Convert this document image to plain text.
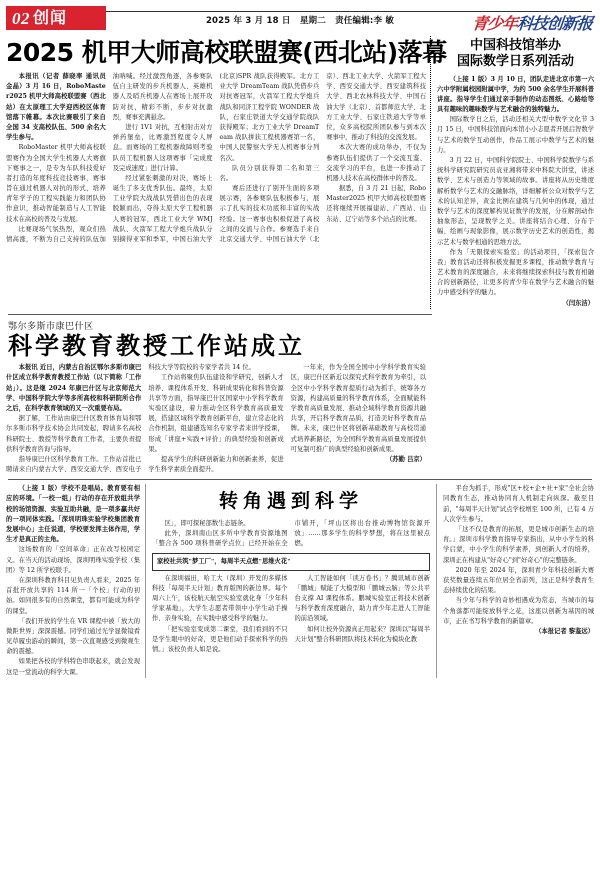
02 创闻	2025 年 3 月 18 日 星期二 责任编辑:李 敏	青少年科技创新报
2025 机甲大师高校联盟赛(西北站)落幕

本报讯（记者 薛晓率 通讯员 金晶）3 月 16 日，RoboMaster2025 机甲大师高校联盟赛（西北站）在太原理工大学迎西校区体育馆落下帷幕。本次比赛吸引了来自全国 34 支高校队伍、500 余名大学生参与。

RoboMaster 机甲大师高校联盟赛作为全国大学生机器人大赛旗下赛事之一，是专为车队科技爱好者打造的年度科技竞技赛事，赛事旨在通过机器人对抗的形式，培养青年学子的工程实践能力和团队协作意识，推动智能制造与人工智能技术在高校的普及与发展。

比赛现场气氛热烈，观众们热情高涨，不断为自己支持的队伍加油呐喊。经过激烈角逐，各参赛队伍自主研发的步兵机器人、英雄机器人及哨兵机器人在赛场上展开攻防对抗，精彩不断，步步对抗激烈，赛事充满悬念。

进行 1V1 对抗，互相射击对方弹药堡垒，比赛激烈程度令人屏息。而赛场的工程机器故障则考验队员工程机器人这项赛事「完成度及完成速度」进行计算。

经过紧张刺激的对决，赛场上诞生了多支优秀队伍。最终，太原工业学院大战战队凭借出色的表现脱颖而出，夺得太原大学工程机器人赛的冠军，西北工业大学 WMJ 战队、火箭军工程大学炮兵战队分别摘得亚军和季军，中国石油大学(北京)SPR 战队获得殿军。北方工业大学 DreamTeam 战队凭借步兵对抗赛冠军，火箭军工程大学炮兵战队和同济工程学院 WONDER 战队，石家庄铁道大学交通学院战队获得殿军；北方工业大学 DreamTeam 战队拼获工程机器赛第一名，中国人民警察大学无人机赛事分列名次。

队员分别获得第二名和第三名。

赛后还进行了别开生面的多项展示赛，各参赛队伍积极参与，展示了扎实的技术功底和丰富的实战经验。这一赛事也积极促进了高校之间的交流与合作。参赛选手来自北京交通大学、中国石油大学（北京）、西北工业大学、火箭军工程大学、西安交通大学、西安建筑科技大学、西北农林科技大学、中国石油大学（北京）、首都师范大学、北方工业大学、石家庄铁道大学等单位，众多高校院所团队参与到本次赛事中，推动了科技的交流发展。

本次大赛的成功举办，不仅为参赛队伍们提供了一个交流互鉴、交流学习的平台，也进一步推动了机器人技术在高校群体中的普及。

据悉，自 3 月 21 日起，RoboMaster2025 机甲大师高校联盟赛还将继续开展福建站、广西站、山东站、辽宁站等多个站点的比赛。

中国科技馆举办
国际数学日系列活动

（上接 1 版）3 月 10 日，团队走进北京市第一六六中学附属校园附属中学，为约 500 余名学生开展科普讲座。指导学生们通过亲手制作的动态图纸、心路绘等具有趣味的趣味数学与艺术融合的独特魅力。

国际数学日之后，活动还相关大型中数学文化节 3 月 15 日，中国科技馆面向本馆小小志愿者开展启智数学与艺术的数学互动创作，作品工展示中数学与艺术的魅力。

3 月 22 日，中国科学院院士、中国科学院数学与系统科学研究院研究员袁亚湘将带来中科院大讲堂，讲述数学、艺术与创造力等领域的故事。讲座将从历史维度解析数学与艺术的交融脉络，详细解析公众对数学与艺术的认知差异，黄金比例在建筑与几何中的体现，通过数学与艺术的深度解构见证数学的发展，分在解剖动作抽象形态，呈现数学之美。讲座将结合心理、分布于幅、绘画与现象影像，展示数学历史艺术的创造性，揭示艺术与数学相通的思维方法。

作为「无限探索实验室」的活动项目，「探索包含我」教育活动还将积极发掘更多课程，推动数学教育与艺术教育的深度融合，未来将继续探索科技与教育相融合的创新路径，让更多的青少年在数学与艺术融合的魅力中感受科学的魅力。

（闫东洁）

鄂尔多斯市康巴什区
科学教育教授工作站成立

本报讯 近日，内蒙古自治区鄂尔多斯市康巴什区成立科学教育教授工作站（以下简称「工作站」）。这是继 2024 年康巴什区与北京师范大学、中国科学院大学等多所高校和科研院所合作之后，在科学教育领域的又一次重要布局。

据了解，工作站由康巴什区教育体育局和鄂尔多斯市科学技术协会共同发起，聘请多名高校科研院士、教授等科学教育工作者，主要负责提供科学教育咨询与指导。

指导康巴什区科学教育工作。工作站首批已聘请来自内蒙古大学、西安交通大学、西安电子科技大学等院校的专家学者共 14 位。

工作站将聚焦队伍建设和学研究，创新人才培养、课程体系开发、科研成果转化和科普资源共享等方面，指导康巴什区国家中小学科学教育实验区建设，着力推动全区科学教育高质量发展，搭建区域科学教育创新平台，建立常态化的合作机制，组建遴选知名专家学者来讲学授课，形成「讲座+实践+评价」的典型经验和创新成果。

提高学生的科研创新能力和创新素养，促进学生科学素质全面提升。

一年来，作为全国全国中小学科学教育实验区，康巴什区新近以探究式科学教育为牵引，以全区中小学科学教育提质行动为抓手，统筹各方资源，构建高质量的科学教育体系，全面赋能科学教育高质量发展、推动全域科学教育资源共融共享，开启科学教育品质，打造美好科学教育品牌。未来，康巴什区将创新基础教育与高校贯通式培养新路径，为全国科学教育高质量发展提供可复制可推广的典型经验和创新成果。

（苏勤 吕京）

（上接 1 版）学校不是唱局。教育要有相应的环境。「一校一组」行动的存在开放组共学校的场馆资源、实验互助共融，是一项多赢共好的一项同体实践。「深圳明珠实验学校集团教育发展中心」主任说道，学校要发挥主体作用，学生才是真正的主角。

这场数育的「空间革命」正在改写校园定义。在当天的活动现场，深圳明珠实验学校（集团）等 12 所学校联手。

在深圳科教育科目见负责人看来，2025 年首批开放共享的 114 所一「个校」行动的初始。如同很多有的自然课堂，都有可能成为科学的课堂。

「我们开放的学生在 VR 课程中被「放大的微距世界」深深震撼。同学们通过光学显微镜看见草履虫游动的瞬间，第一次直观感受到微观生命的震撼。

如果把各校的学科特色串联起来，就会发现这是一堂流动的科学大课。

转角遇到科学

区」，即可探秘部数生态链条。

此外，深圳南山区多所中学教育资源地图「整合各 500 项科普研学点位」已经开始在全市铺开，「坪山区将出台推动博物馆资源开放」……那多学生的科学梦想，将在这里被点燃。

家校社共筑"梦工厂"，每周半天点燃"思维火花"

在深圳福田，哈工大（深圳）开发的多媒体科技「每周半天计划」教育版图的新边界。每个周六上午，该校航天航空实验室就化身「少年科学家基地」，大学生志愿者带领中小学生动手操作、亲身实验，在实践中感受科学的魅力。

「把实验室变成第二课堂，我们看到的不只是学生眼中的好奇，更是他们动手探索科学的热情。」该校负责人如是说。

人工智能如何「读万卷书」？腾讯城市创新「鹏城」赋能了大模型和「鹏城云脑」等公共平台支撑 AI 课程体系。鹏城实验室正将技术创新与科学教育深度融合，助力青少年走进人工智能的前沿领域。

如何让校外资源真正用起来？深圳以"每周半天计划"整合科研团队将技术转化为模块化教

平台为抓手，形成"区+校+企+社+家"全社会协同教育生态，推动协同育人机制走向纵深。截至目前，"每周半天计划"试点学校增至 100 所，已有 4 万人次学生参与。

「这不仅是教育的拓展，更是城市创新生态的培育。」深圳市科学教育指导专家指出，从中小学生的科学启蒙，中小学生的科学素养，到创新人才的培养，深圳正在构建从"好奇心"到"好奇心"的完整链条。

2020 年至 2024 年，深圳青少年科技创新大赛获奖数量连续五年位居全省前列，这正是科学教育生态持续优化的结果。

当少年与科学的奇妙相遇成为常态，当城市的每个角落都可能绽放科学之花，这座以创新为基因的城市，正在书写科学教育的新篇章。

（本报记者 黎鉴远）
